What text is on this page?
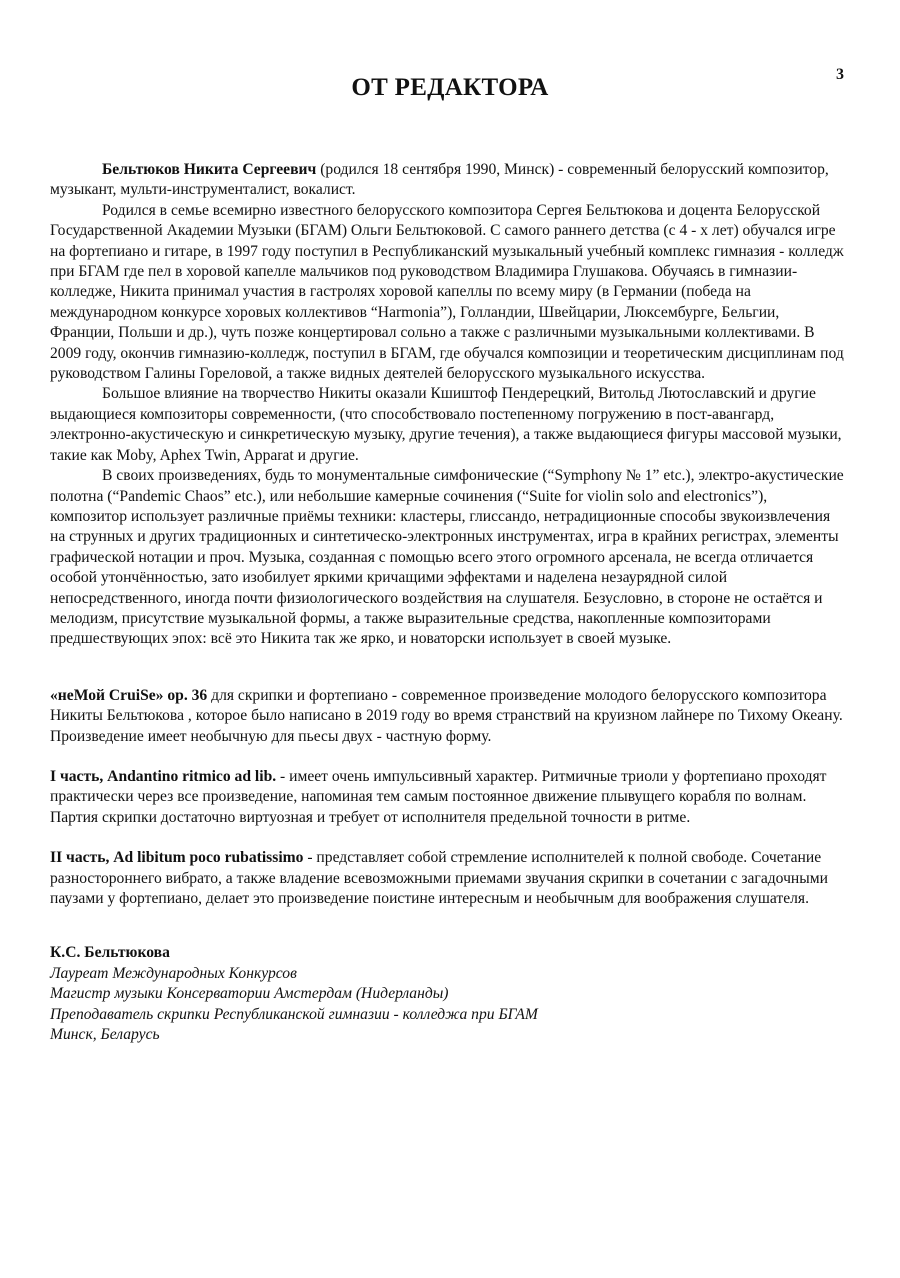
3
ОТ РЕДАКТОРА

Бельтюков Никита Сергеевич (родился 18 сентября 1990, Минск) - современный белорусский композитор, музыкант, мульти-инструменталист, вокалист.

Родился в семье всемирно известного белорусского композитора Сергея Бельтюкова и доцента Белорусской Государственной Академии Музыки (БГАМ) Ольги Бельтюковой. С самого раннего детства (с 4 - х лет) обучался игре на фортепиано и гитаре, в 1997 году поступил в Республиканский музыкальный учебный комплекс гимназия - колледж при БГАМ где пел в хоровой капелле мальчиков под руководством Владимира Глушакова. Обучаясь в гимназии-колледже, Никита принимал участия в гастролях хоровой капеллы по всему миру (в Германии (победа на международном конкурсе хоровых коллективов “Harmonia”), Голландии, Швейцарии, Люксембурге, Бельгии, Франции, Польши и др.), чуть позже концертировал сольно а также с различными музыкальными коллективами. В 2009 году, окончив гимназию-колледж, поступил в БГАМ, где обучался композиции и теоретическим дисциплинам под руководством Галины Гореловой, а также видных деятелей белорусского музыкального искусства.

Большое влияние на творчество Никиты оказали Кшиштоф Пендерецкий, Витольд Лютославский и другие выдающиеся композиторы современности, (что способствовало постепенному погружению в пост-авангард, электронно-акустическую и синкретическую музыку, другие течения), а также выдающиеся фигуры массовой музыки, такие как Moby, Aphex Twin, Apparat и другие.

В своих произведениях, будь то монументальные симфонические (“Symphony № 1” etc.), электро-акустические полотна (“Pandemic Chaos” etc.), или небольшие камерные сочинения (“Suite for violin solo and electronics”), композитор использует различные приёмы техники: кластеры, глиссандо, нетрадиционные способы звукоизвлечения на струнных и других традиционных и синтетическо-электронных инструментах, игра в крайних регистрах, элементы графической нотации и проч. Музыка, созданная с помощью всего этого огромного арсенала, не всегда отличается особой утончённостью, зато изобилует яркими кричащими эффектами и наделена незаурядной силой непосредственного, иногда почти физиологического воздействия на слушателя. Безусловно, в стороне не остаётся и мелодизм, присутствие музыкальной формы, а также выразительные средства, накопленные композиторами предшествующих эпох: всё это Никита так же ярко, и новаторски использует в своей музыке.

«неМой CruiSe» ор. 36 для скрипки и фортепиано - современное произведение молодого белорусского композитора Никиты Бельтюкова , которое было написано в 2019 году во время странствий на круизном лайнере по Тихому Океану.

Произведение имеет необычную для пьесы двух - частную форму.

I часть, Andantino ritmico ad lib. - имеет очень импульсивный характер. Ритмичные триоли у фортепиано проходят практически через все произведение, напоминая тем самым постоянное движение плывущего корабля по волнам. Партия скрипки достаточно виртуозная и требует от исполнителя предельной точности в ритме.

II часть, Ad libitum poco rubatissimo - представляет собой стремление исполнителей к полной свободе. Сочетание разностороннего вибрато, а также владение всевозможными приемами звучания скрипки в сочетании с загадочными паузами у фортепиано, делает это произведение поистине интересным и необычным для воображения слушателя.

К.С. Бельтюкова
Лауреат Международных Конкурсов
Магистр музыки Консерватории Амстердам (Нидерланды)
Преподаватель скрипки Республиканской гимназии - колледжа при БГАМ
Минск, Беларусь
